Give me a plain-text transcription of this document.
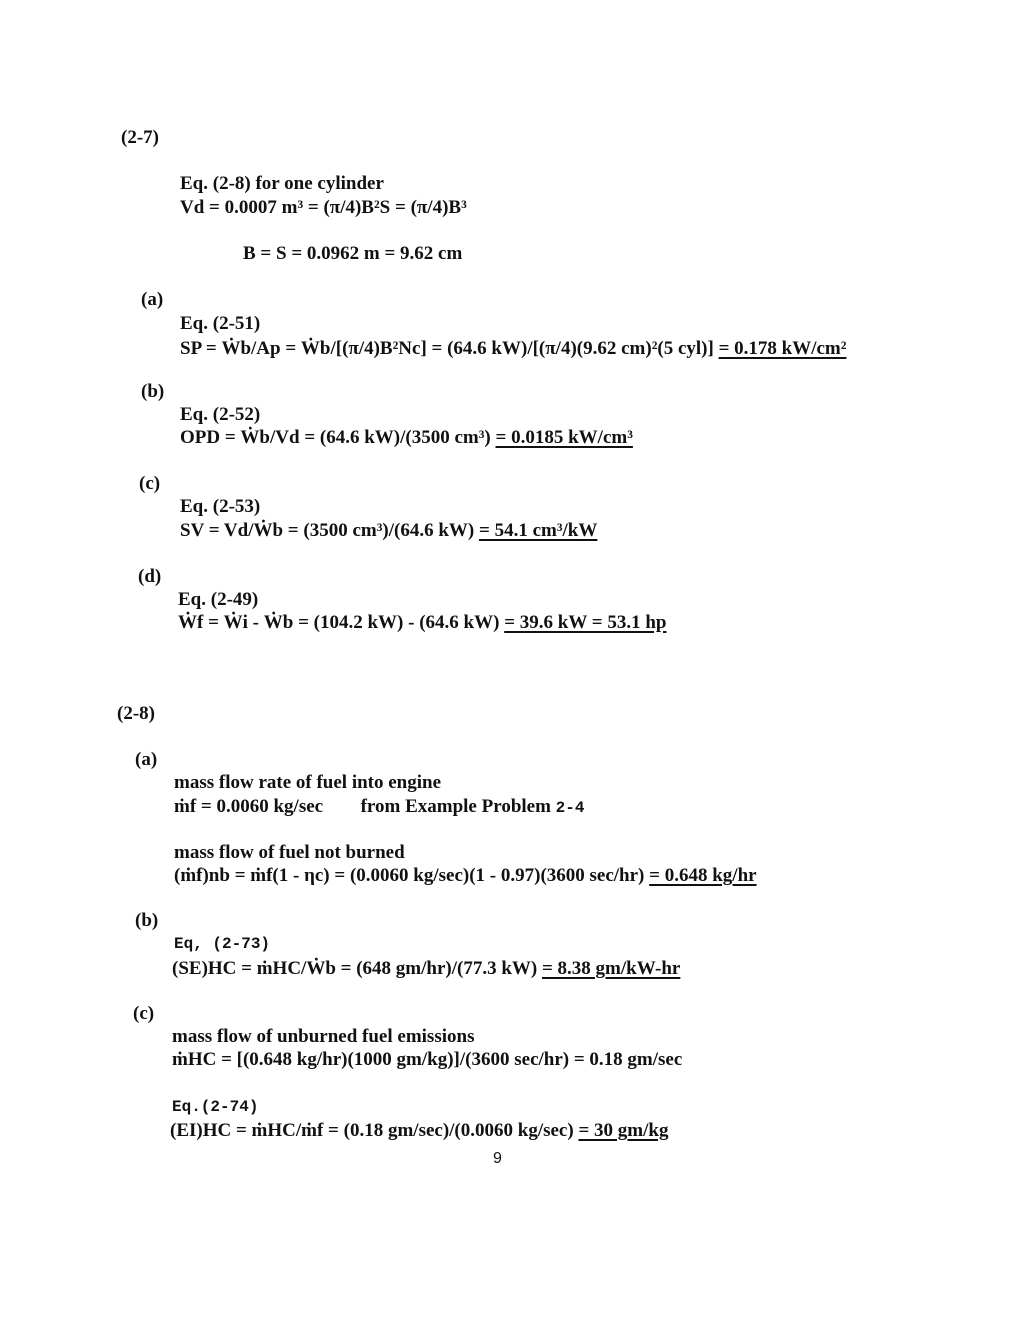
(2-7)
Eq. (2-8) for one cylinder
Vd = 0.0007 m³ = (π/4)B²S = (π/4)B³
B = S = 0.0962 m = 9.62 cm
(a)
Eq. (2-51)
SP = Ẇb/Ap = Ẇb/[(π/4)B²Nc] = (64.6 kW)/[(π/4)(9.62 cm)²(5 cyl)] = 0.178 kW/cm²
(b)
Eq. (2-52)
OPD = Ẇb/Vd = (64.6 kW)/(3500 cm³) = 0.0185 kW/cm³
(c)
Eq. (2-53)
SV = Vd/Ẇb = (3500 cm³)/(64.6 kW) = 54.1 cm³/kW
(d)
Eq. (2-49)
Ẇf = Ẇi - Ẇb = (104.2 kW) - (64.6 kW) = 39.6 kW = 53.1 hp
(2-8)
(a)
mass flow rate of fuel into engine
ṁf = 0.0060 kg/sec from Example Problem 2-4
mass flow of fuel not burned
(ṁf)nb = ṁf(1 - ηc) = (0.0060 kg/sec)(1 - 0.97)(3600 sec/hr) = 0.648 kg/hr
(b)
Eq, (2-73)
(SE)HC = ṁHC/Ẇb = (648 gm/hr)/(77.3 kW) = 8.38 gm/kW-hr
(c)
mass flow of unburned fuel emissions
ṁHC = [(0.648 kg/hr)(1000 gm/kg)]/(3600 sec/hr) = 0.18 gm/sec
Eq.(2-74)
(EI)HC = ṁHC/ṁf = (0.18 gm/sec)/(0.0060 kg/sec) = 30 gm/kg
9
